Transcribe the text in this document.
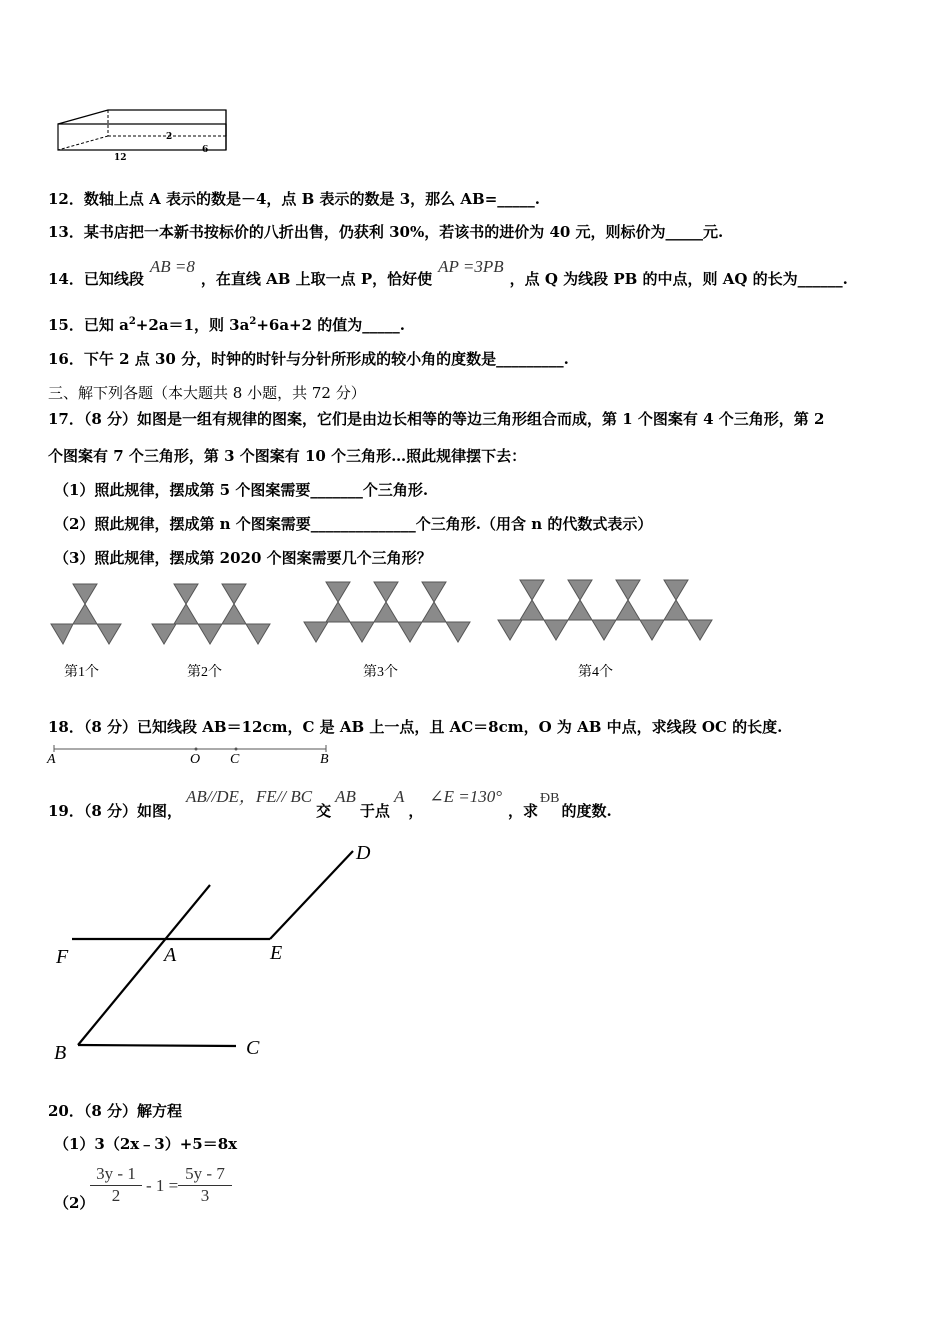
12
2
6
12．数轴上点 A 表示的数是－4，点 B 表示的数是 3，那么 AB=_____.
13．某书店把一本新书按标价的八折出售，仍获利 30%，若该书的进价为 40 元，则标价为_____元.
14．已知线段AB =8，在直线 AB 上取一点 P，恰好使AP =3PB，点 Q 为线段 PB 的中点，则 AQ 的长为______.
15．已知 $a^2+2a=1$，则 $3a^2+6a+2$ 的值为_____.
16．下午 2 点 30 分，时钟的时针与分针所形成的较小角的度数是_________.
三、解下列各题（本大题共 8 小题，共 72 分）
17．（8 分）如图是一组有规律的图案，它们是由边长相等的等边三角形组合而成，第 1 个图案有 4 个三角形，第 2
个图案有 7 个三角形，第 3 个图案有 10 个三角形…照此规律摆下去：
（1）照此规律，摆成第 5 个图案需要_______个三角形.
（2）照此规律，摆成第 n 个图案需要______________个三角形.（用含 n 的代数式表示）
（3）照此规律，摆成第 2020 个图案需要几个三角形？
第1个	第2个	第3个	第4个
18．（8 分）已知线段 AB＝12cm，C 是 AB 上一点，且 AC＝8cm，O 为 AB 中点，求线段 OC 的长度.
A	O C	B
19．（8 分）如图，AB//DE，FE// BC交AB于点A，∠E =130°，求ÐB的度数.
D
F	A	E
B	C
20．（8 分）解方程
（1）3（2x﹣3）+5＝8x
（2）
$\frac{3y - 1}{2} - 1 = \frac{5y - 7}{3}$
